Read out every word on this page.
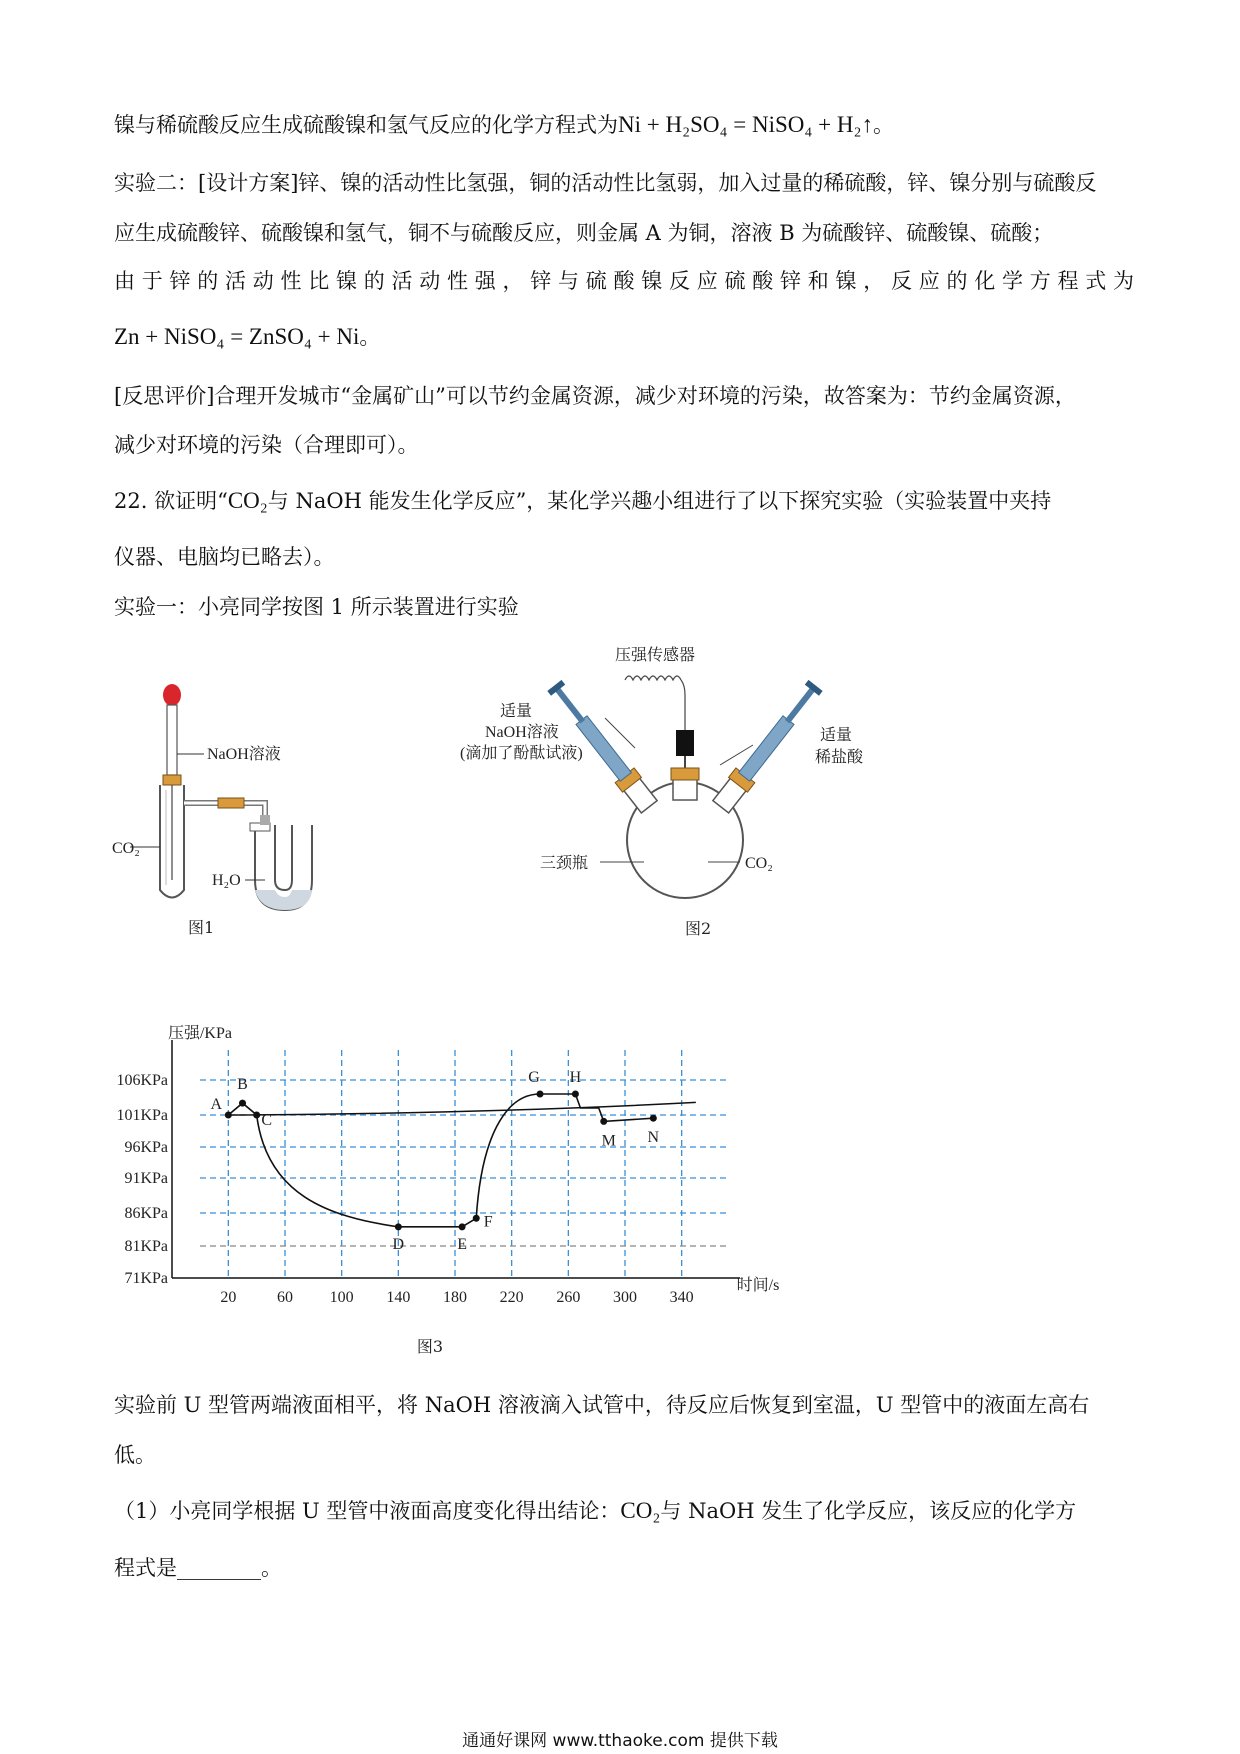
镍与稀硫酸反应生成硫酸镍和氢气反应的化学方程式为Ni + H₂SO₄ = NiSO₄ + H₂↑。
实验二：[设计方案]锌、镍的活动性比氢强，铜的活动性比氢弱，加入过量的稀硫酸，锌、镍分别与硫酸反
应生成硫酸锌、硫酸镍和氢气，铜不与硫酸反应，则金属 A 为铜，溶液 B 为硫酸锌、硫酸镍、硫酸；
由于锌的活动性比镍的活动性强，锌与硫酸镍反应硫酸锌和镍，反应的化学方程式为
Zn + NiSO₄ = ZnSO₄ + Ni。
[反思评价]合理开发城市“金属矿山”可以节约金属资源，减少对环境的污染，故答案为：节约金属资源，
减少对环境的污染（合理即可）。
22. 欲证明“CO₂与 NaOH 能发生化学反应”，某化学兴趣小组进行了以下探究实验（实验装置中夹持
仪器、电脑均已略去）。
实验一：小亮同学按图 1 所示装置进行实验
NaOH溶液
CO₂
H₂O
图1
压强传感器
适量
NaOH溶液
(滴加了酚酞试液)
适量
稀盐酸
三颈瓶	CO₂
图2
20	60 100 140 180 220 260 300 340
106KPa
101KPa
96KPa
91KPa
86KPa
81KPa
71KPa
压强/KPa
时间/s
图3
A
B
C
D	E
F
G H
M N
实验前 U 型管两端液面相平，将 NaOH 溶液滴入试管中，待反应后恢复到室温，U 型管中的液面左高右
低。
（1）小亮同学根据 U 型管中液面高度变化得出结论：CO₂与 NaOH 发生了化学反应，该反应的化学方
程式是________。
通通好课网 www.tthaoke.com 提供下载
